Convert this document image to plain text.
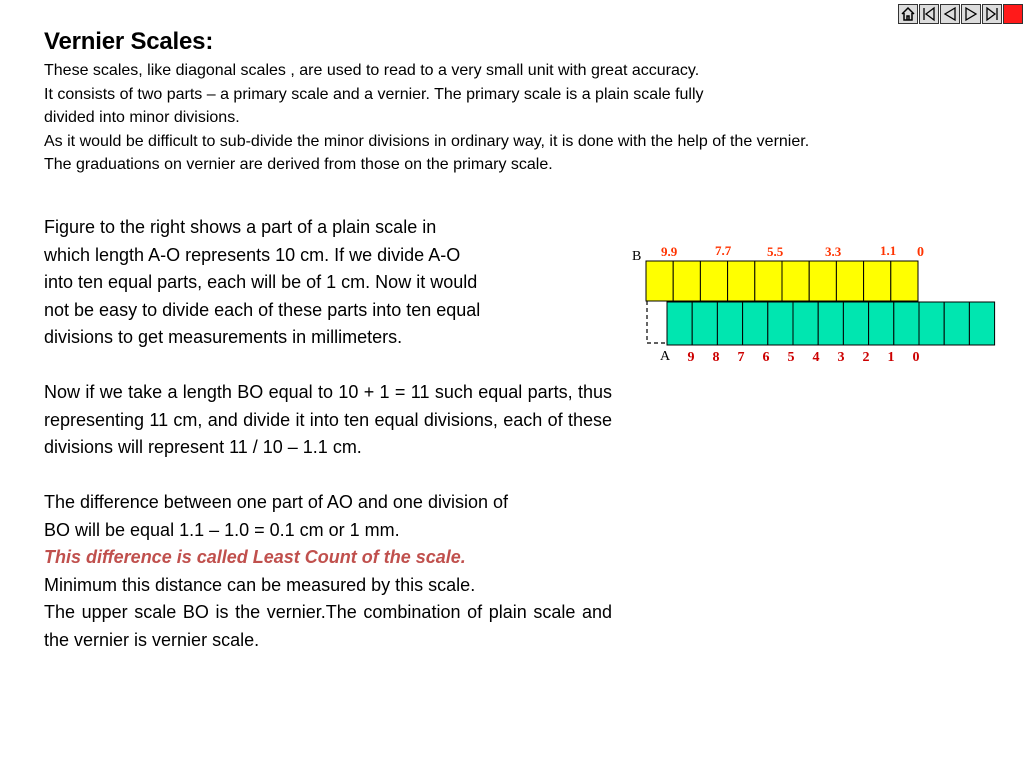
Vernier Scales:

These scales, like diagonal scales , are used to read to a very small unit with great accuracy.

It consists of two parts – a primary scale and a vernier. The primary scale is a plain scale fully

divided into minor divisions.

As it would be difficult to sub-divide the minor divisions in ordinary way, it is done with the help of the vernier.

The graduations on vernier are derived from those on the primary scale.

Figure to the right shows a part of a plain scale in

which length A-O represents 10 cm. If we divide A-O

into ten equal parts, each will be of 1 cm. Now it would

not be easy to divide each of these parts into ten equal

divisions to get measurements in millimeters.

Now if we take a length BO equal to 10 + 1 = 11 such equal parts, thus representing 11 cm, and divide it into ten equal divisions, each of these divisions will represent 11 / 10 – 1.1 cm.

The difference between one part of AO and one division of

BO will be equal 1.1 – 1.0 = 0.1 cm or 1 mm.

This difference is called Least Count of the scale.

Minimum this distance can be measured by this scale.

The upper scale BO is the vernier.The combination of plain scale and the vernier is vernier scale.

B
A
9.9	7.7	5.5	3.3	1.1 0
9 8 7 6 5 4 3 2 1 0
